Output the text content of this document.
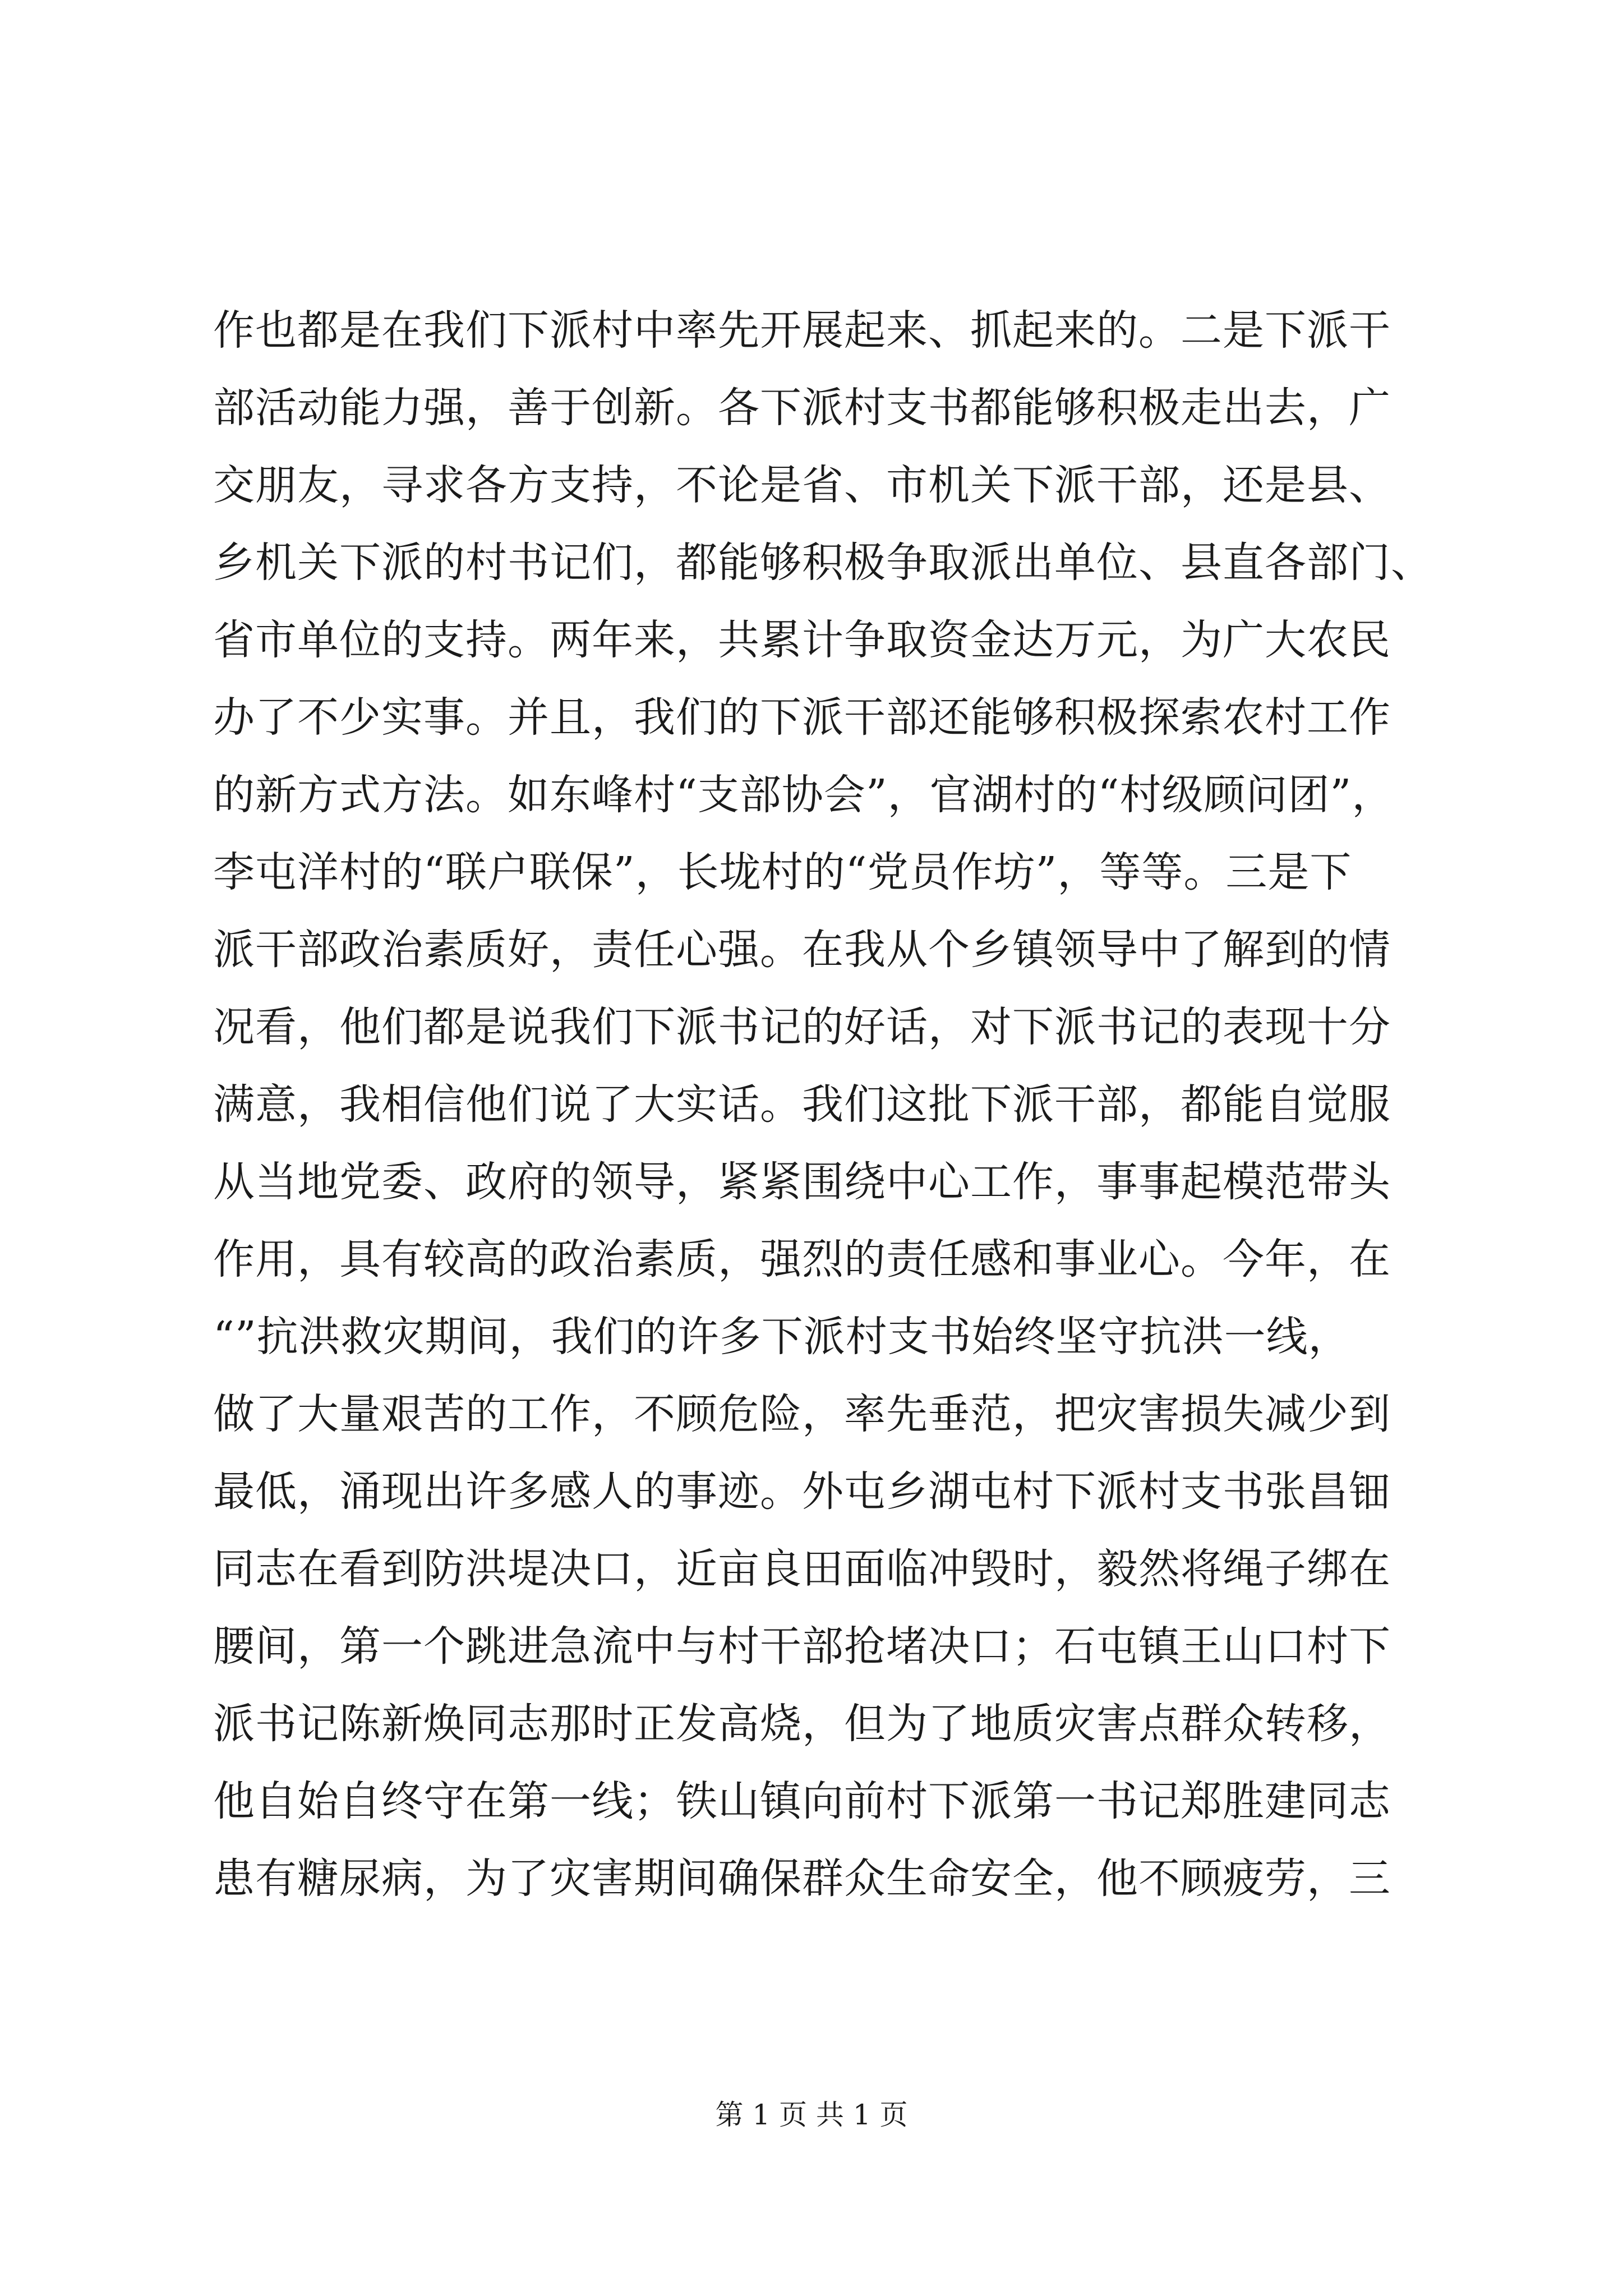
作也都是在我们下派村中率先开展起来、抓起来的。二是下派干
部活动能力强，善于创新。各下派村支书都能够积极走出去，广
交朋友，寻求各方支持，不论是省、市机关下派干部，还是县、
乡机关下派的村书记们，都能够积极争取派出单位、县直各部门、
省市单位的支持。两年来，共累计争取资金达万元，为广大农民
办了不少实事。并且，我们的下派干部还能够积极探索农村工作
的新方式方法。如东峰村“支部协会”，官湖村的“村级顾问团”，
李屯洋村的“联户联保”，长垅村的“党员作坊”，等等。三是下
派干部政治素质好，责任心强。在我从个乡镇领导中了解到的情
况看，他们都是说我们下派书记的好话，对下派书记的表现十分
满意，我相信他们说了大实话。我们这批下派干部，都能自觉服
从当地党委、政府的领导，紧紧围绕中心工作，事事起模范带头
作用，具有较高的政治素质，强烈的责任感和事业心。今年，在
“”抗洪救灾期间，我们的许多下派村支书始终坚守抗洪一线，
做了大量艰苦的工作，不顾危险，率先垂范，把灾害损失减少到
最低，涌现出许多感人的事迹。外屯乡湖屯村下派村支书张昌钿
同志在看到防洪堤决口，近亩良田面临冲毁时，毅然将绳子绑在
腰间，第一个跳进急流中与村干部抢堵决口；石屯镇王山口村下
派书记陈新焕同志那时正发高烧，但为了地质灾害点群众转移，
他自始自终守在第一线；铁山镇向前村下派第一书记郑胜建同志
患有糖尿病，为了灾害期间确保群众生命安全，他不顾疲劳，三
第 1 页 共 1 页
